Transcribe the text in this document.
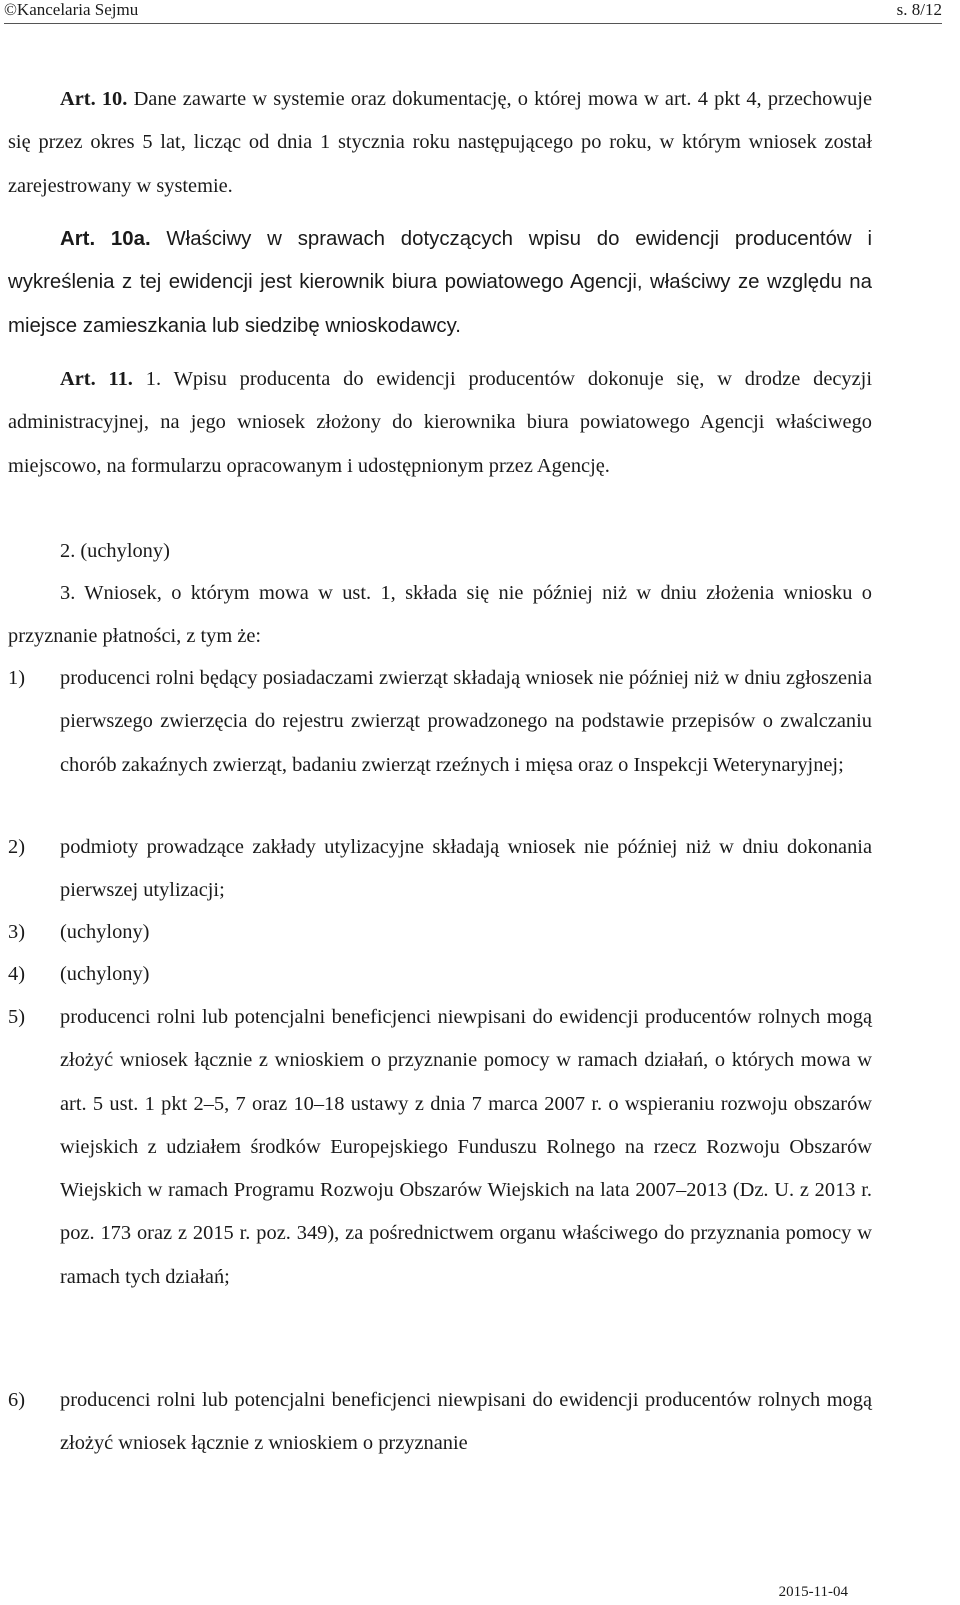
©Kancelaria Sejmu	s. 8/12

Art. 10. Dane zawarte w systemie oraz dokumentację, o której mowa w art. 4 pkt 4, przechowuje się przez okres 5 lat, licząc od dnia 1 stycznia roku następującego po roku, w którym wniosek został zarejestrowany w systemie.

Art. 10a. Właściwy w sprawach dotyczących wpisu do ewidencji producentów i wykreślenia z tej ewidencji jest kierownik biura powiatowego Agencji, właściwy ze względu na miejsce zamieszkania lub siedzibę wnioskodawcy.

Art. 11. 1. Wpisu producenta do ewidencji producentów dokonuje się, w drodze decyzji administracyjnej, na jego wniosek złożony do kierownika biura powiatowego Agencji właściwego miejscowo, na formularzu opracowanym i udostępnionym przez Agencję.

2. (uchylony)

3. Wniosek, o którym mowa w ust. 1, składa się nie później niż w dniu złożenia wniosku o przyznanie płatności, z tym że:

1) producenci rolni będący posiadaczami zwierząt składają wniosek nie później niż w dniu zgłoszenia pierwszego zwierzęcia do rejestru zwierząt prowadzonego na podstawie przepisów o zwalczaniu chorób zakaźnych zwierząt, badaniu zwierząt rzeźnych i mięsa oraz o Inspekcji Weterynaryjnej;
2) podmioty prowadzące zakłady utylizacyjne składają wniosek nie później niż w dniu dokonania pierwszej utylizacji;
3) (uchylony)
4) (uchylony)
5) producenci rolni lub potencjalni beneficjenci niewpisani do ewidencji producentów rolnych mogą złożyć wniosek łącznie z wnioskiem o przyznanie pomocy w ramach działań, o których mowa w art. 5 ust. 1 pkt 2–5, 7 oraz 10–18 ustawy z dnia 7 marca 2007 r. o wspieraniu rozwoju obszarów wiejskich z udziałem środków Europejskiego Funduszu Rolnego na rzecz Rozwoju Obszarów Wiejskich w ramach Programu Rozwoju Obszarów Wiejskich na lata 2007–2013 (Dz. U. z 2013 r. poz. 173 oraz z 2015 r. poz. 349), za pośrednictwem organu właściwego do przyznania pomocy w ramach tych działań;
6) producenci rolni lub potencjalni beneficjenci niewpisani do ewidencji producentów rolnych mogą złożyć wniosek łącznie z wnioskiem o przyznanie
2015-11-04
